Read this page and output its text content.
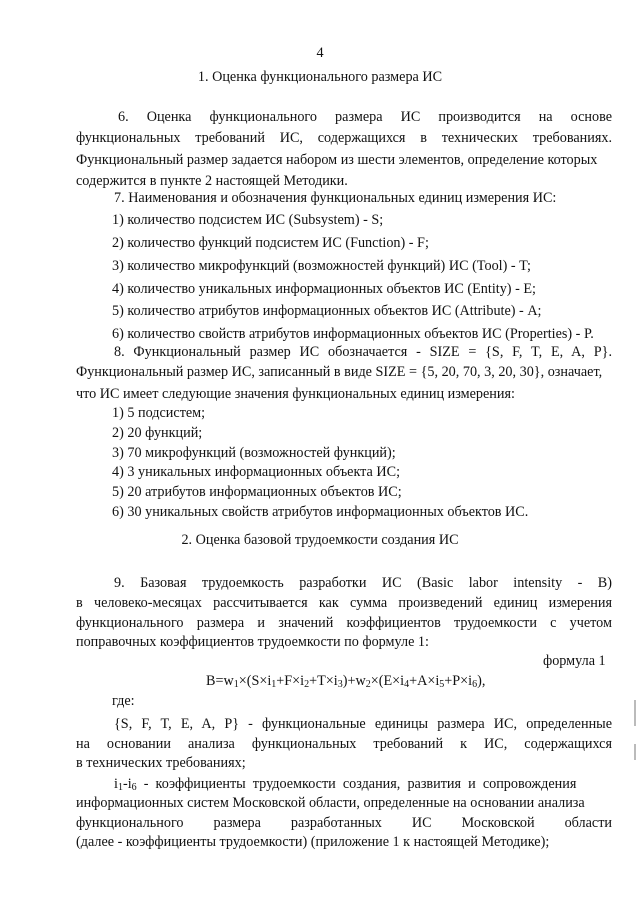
4
1. Оценка функционального размера ИС
6. Оценка функционального размера ИС производится на основе
функциональных требований ИС, содержащихся в технических требованиях.
Функциональный размер задается набором из шести элементов, определение которых
содержится в пункте 2 настоящей Методики.
7. Наименования и обозначения функциональных единиц измерения ИС:
1) количество подсистем ИС (Subsystem) - S;
2) количество функций подсистем ИС (Function) - F;
3) количество микрофункций (возможностей функций) ИС (Tool) - T;
4) количество уникальных информационных объектов ИС (Entity) - E;
5) количество атрибутов информационных объектов ИС (Attribute) - A;
6) количество свойств атрибутов информационных объектов ИС (Properties) - P.
8. Функциональный размер ИС обозначается - SIZE = {S, F, T, E, A, P}.
Функциональный размер ИС, записанный в виде SIZE = {5, 20, 70, 3, 20, 30}, означает,
что ИС имеет следующие значения функциональных единиц измерения:
1) 5 подсистем;
2) 20 функций;
3) 70 микрофункций (возможностей функций);
4) 3 уникальных информационных объекта ИС;
5) 20 атрибутов информационных объектов ИС;
6) 30 уникальных свойств атрибутов информационных объектов ИС.
2. Оценка базовой трудоемкости создания ИС
9. Базовая трудоемкость разработки ИС (Basic labor intensity - B)
в человеко-месяцах рассчитывается как сумма произведений единиц измерения
функционального размера и значений коэффициентов трудоемкости с учетом
поправочных коэффициентов трудоемкости по формуле 1:
формула 1
$B=w_1\times(S\times i_1+F\times i_2+T\times i_3)+w_2\times(E\times i_4+A\times i_5+P\times i_6)$,
где:
{S, F, T, E, A, P} - функциональные единицы размера ИС, определенные
на основании анализа функциональных требований к ИС, содержащихся
в технических требованиях;
$i_1-i_6$  -  коэффициенты  трудоемкости  создания,  развития  и  сопровождения
информационных систем Московской области, определенные на основании анализа
функционального размера разработанных ИС Московской области
(далее - коэффициенты трудоемкости) (приложение 1 к настоящей Методике);
